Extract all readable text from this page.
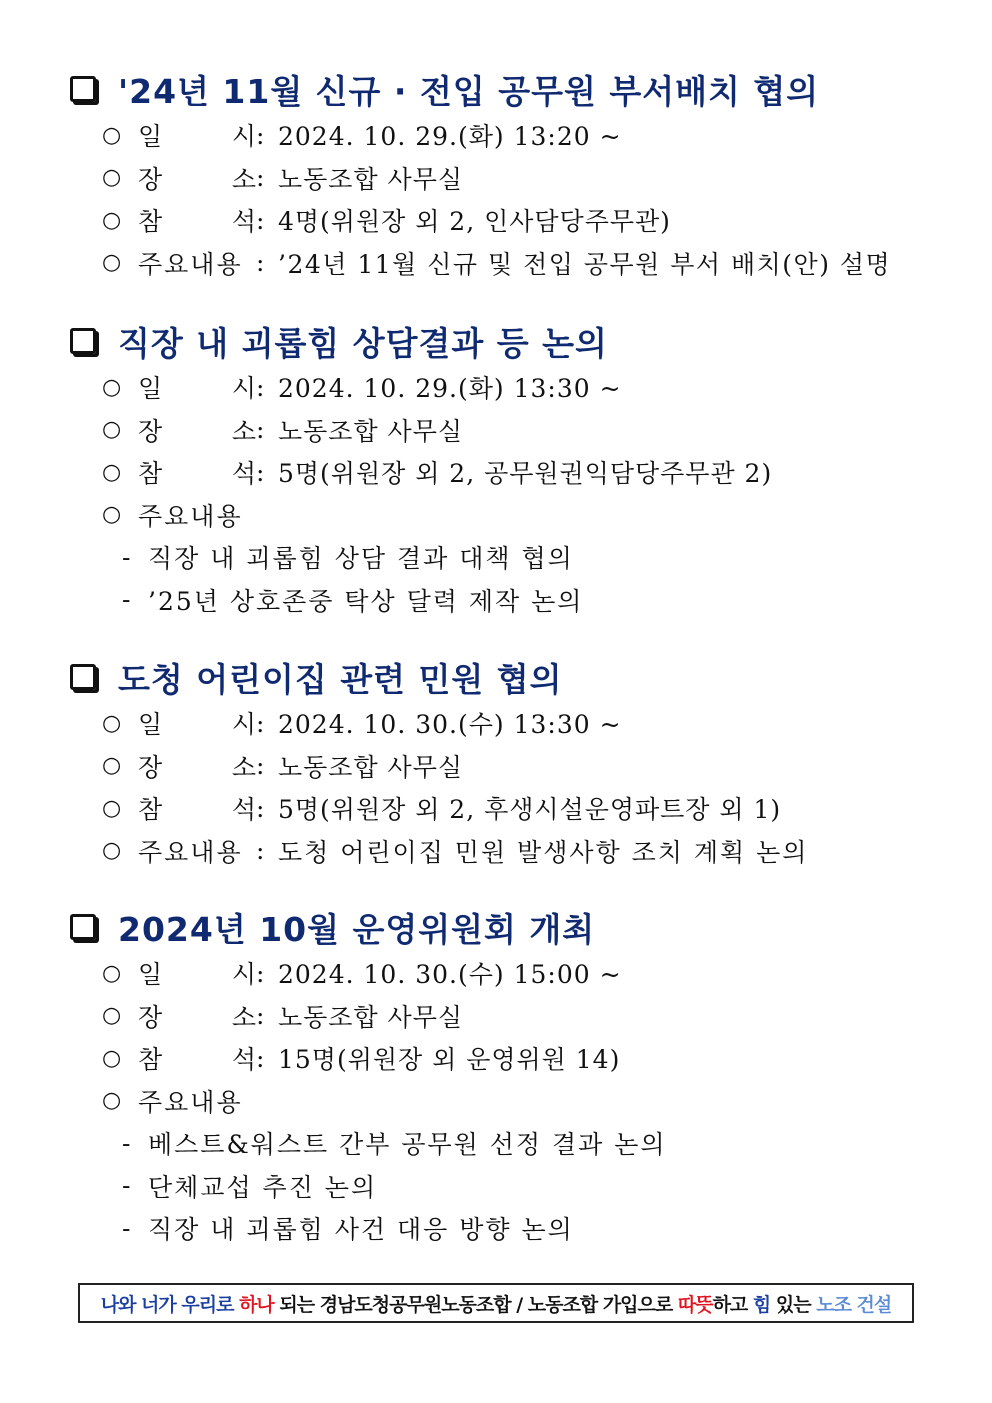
'24년 11월 신규 · 전입 공무원 부서배치 협의
○ 일	시 : 2024. 10. 29.(화) 13:20 ~
○ 장	소 : 노동조합 사무실
○ 참	석 : 4명(위원장 외 2, 인사담당주무관)
○ 주요내용 : ’24년 11월 신규 및 전입 공무원 부서 배치(안) 설명
직장 내 괴롭힘 상담결과 등 논의
○ 일	시 : 2024. 10. 29.(화) 13:30 ~
○ 장	소 : 노동조합 사무실
○ 참	석 : 5명(위원장 외 2, 공무원권익담당주무관 2)
○ 주요내용
- 직장 내 괴롭힘 상담 결과 대책 협의
- ’25년 상호존중 탁상 달력 제작 논의
도청 어린이집 관련 민원 협의
○ 일	시 : 2024. 10. 30.(수) 13:30 ~
○ 장	소 : 노동조합 사무실
○ 참	석 : 5명(위원장 외 2, 후생시설운영파트장 외 1)
○ 주요내용 : 도청 어린이집 민원 발생사항 조치 계획 논의
2024년 10월 운영위원회 개최
○ 일	시 : 2024. 10. 30.(수) 15:00 ~
○ 장	소 : 노동조합 사무실
○ 참	석 : 15명(위원장 외 운영위원 14)
○ 주요내용
- 베스트&워스트 간부 공무원 선정 결과 논의
- 단체교섭 추진 논의
- 직장 내 괴롭힘 사건 대응 방향 논의
나와 너가 우리로 하나 되는 경남도청공무원노동조합 / 노동조합 가입으로 따뜻 하고 힘 있는 노조 건설
